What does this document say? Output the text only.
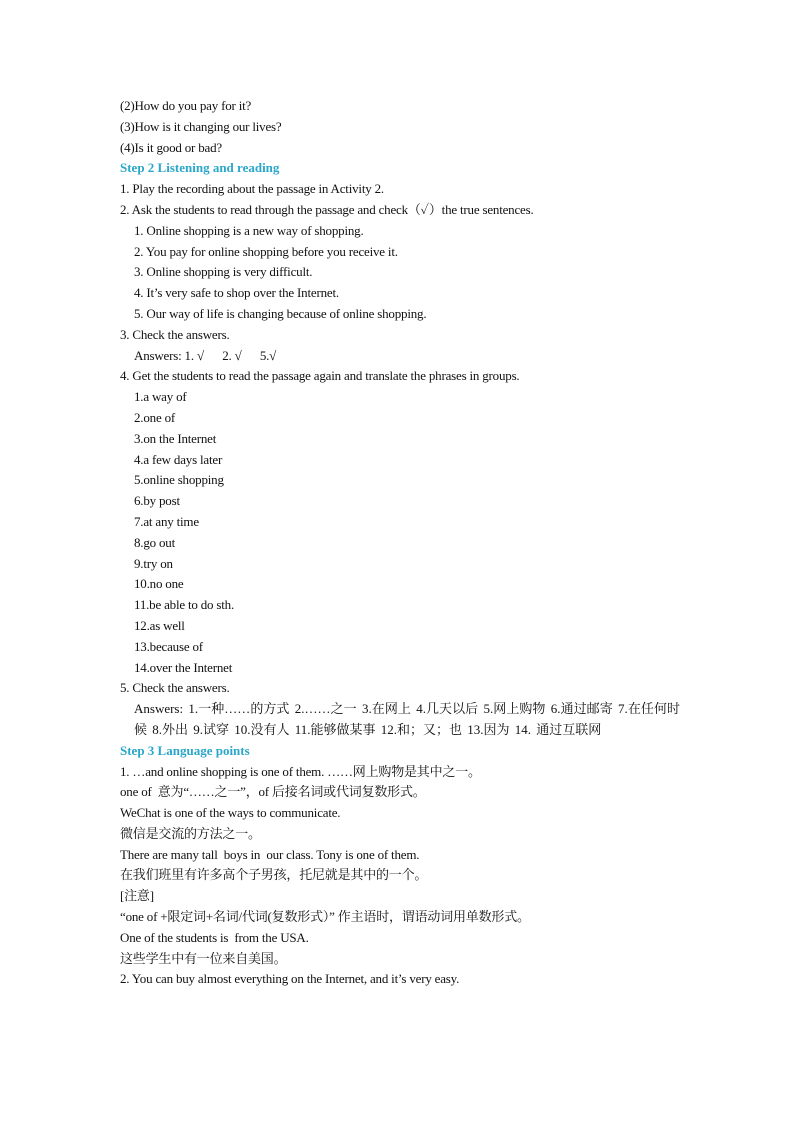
(2)How do you pay for it?
(3)How is it changing our lives?
(4)Is it good or bad?
Step 2 Listening and reading
1. Play the recording about the passage in Activity 2.
2. Ask the students to read through the passage and check（✓）the true sentences.
1. Online shopping is a new way of shopping.
2. You pay for online shopping before you receive it.
3. Online shopping is very difficult.
4. It’s very safe to shop over the Internet.
5. Our way of life is changing because of online shopping.
3. Check the answers.
Answers: 1. √      2. √      5.√
4. Get the students to read the passage again and translate the phrases in groups.
1.a way of
2.one of
3.on the Internet
4.a few days later
5.online shopping
6.by post
7.at any time
8.go out
9.try on
10.no one
11.be able to do sth.
12.as well
13.because of
14.over the Internet
5. Check the answers.
Answers: 1.一种……的方式 2.……之一 3.在网上 4.几天以后 5.网上购物 6.通过邮寄 7.在任何时候 8.外出 9.试穿 10.没有人 11.能够做某事 12.和；又；也 13.因为 14. 通过互联网
Step 3 Language points
1. …and online shopping is one of them. ……网上购物是其中之一。
one of  意为“……之一”，of 后接名词或代词复数形式。
WeChat is one of the ways to communicate.
微信是交流的方法之一。
There are many tall  boys in  our class. Tony is one of them.
在我们班里有许多高个子男孩，托尼就是其中的一个。
[注意]
“one of +限定词+名词/代词(复数形式）” 作主语时，谓语动词用单数形式。
One of the students is  from the USA.
这些学生中有一位来自美国。
2. You can buy almost everything on the Internet, and it’s very easy.
